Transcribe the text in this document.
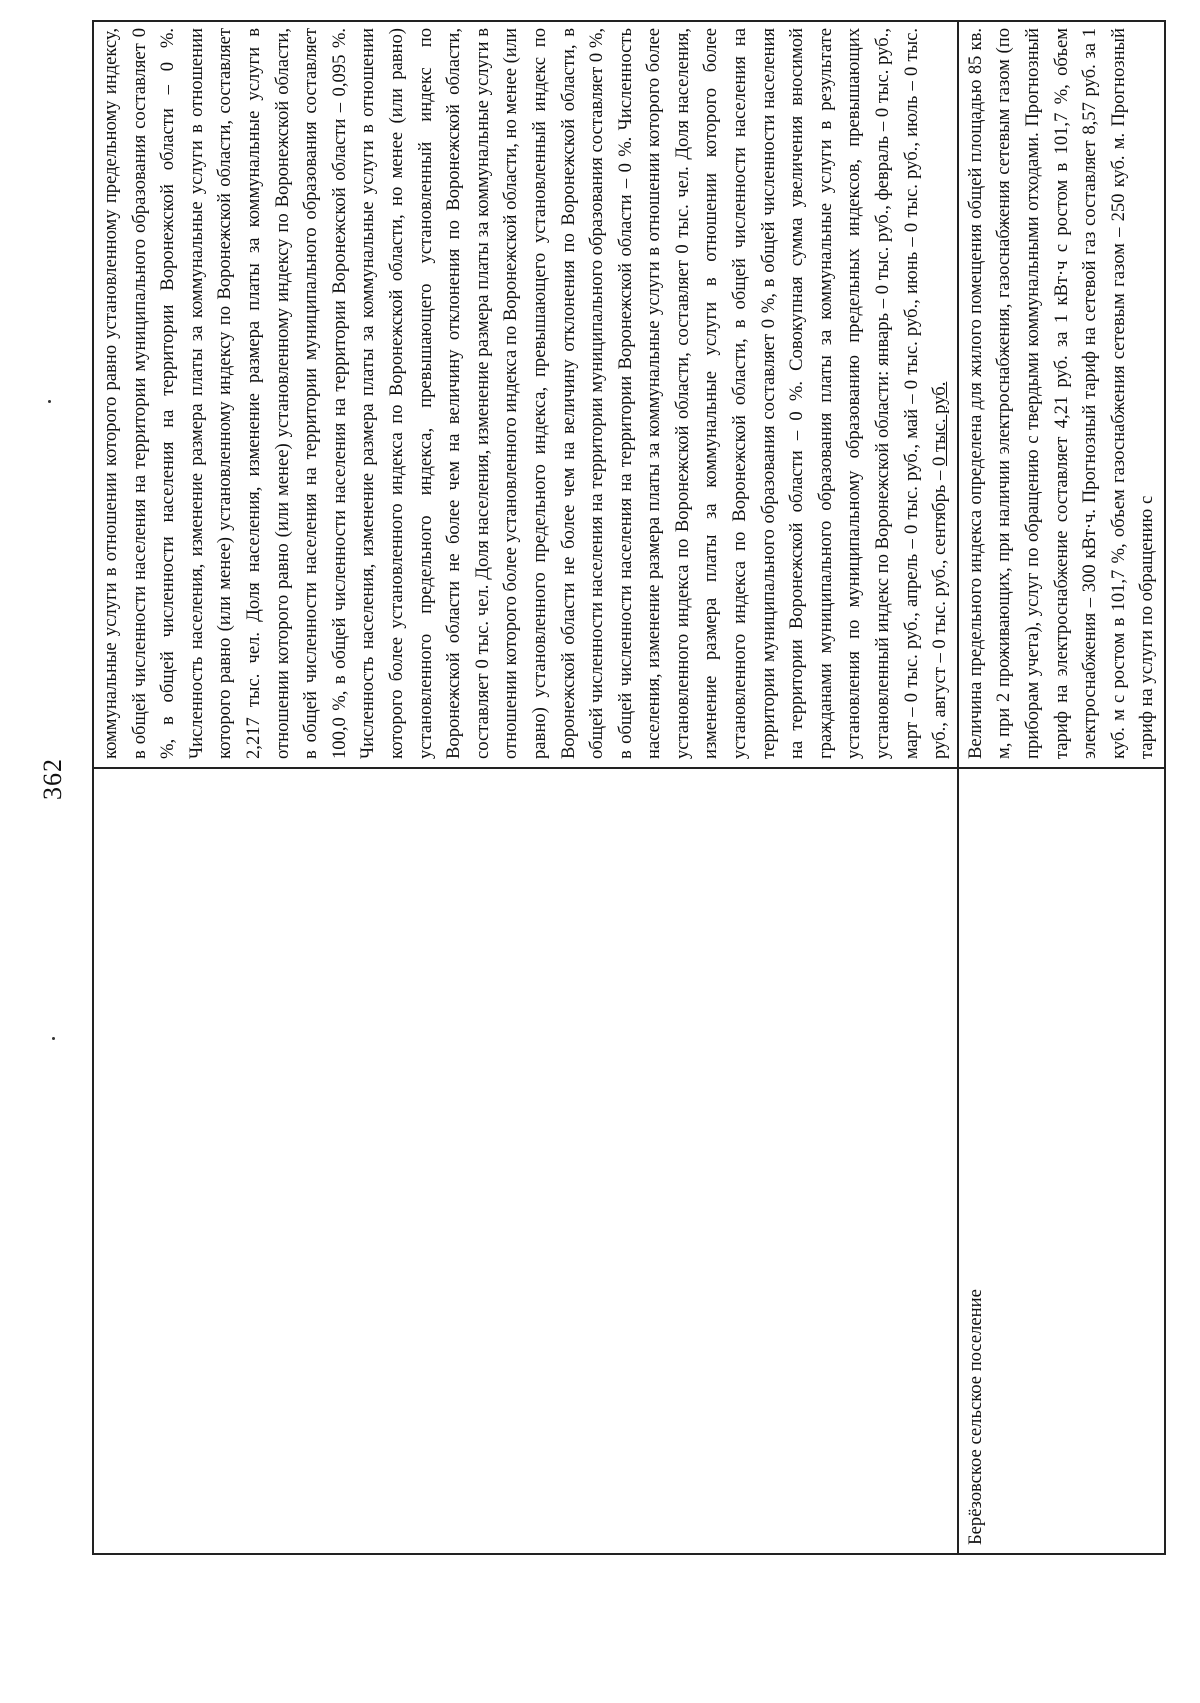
362
	коммунальные услуги в отношении которого равно установленному предельному индексу, в общей численности населения на территории муниципального образования составляет 0 %, в общей численности населения на территории Воронежской области – 0 %. Численность населения, изменение размера платы за коммунальные услуги в отношении которого равно (или менее) установленному индексу по Воронежской области, составляет 2,217 тыс. чел. Доля населения, изменение размера платы за коммунальные услуги в отношении которого равно (или менее) установленному индексу по Воронежской области, в общей численности населения на территории муниципального образования составляет 100,0 %, в общей численности населения на территории Воронежской области – 0,095 %. Численность населения, изменение размера платы за коммунальные услуги в отношении которого более установленного индекса по Воронежской области, но менее (или равно) установленного предельного индекса, превышающего установленный индекс по Воронежской области не более чем на величину отклонения по Воронежской области, составляет 0 тыс. чел. Доля населения, изменение размера платы за коммунальные услуги в отношении которого более установленного индекса по Воронежской области, но менее (или равно) установленного предельного индекса, превышающего установленный индекс по Воронежской области не более чем на величину отклонения по Воронежской области, в общей численности населения на территории муниципального образования составляет 0 %, в общей численности населения на территории Воронежской области – 0 %. Численность населения, изменение размера платы за коммунальные услуги в отношении которого более установленного индекса по Воронежской области, составляет 0 тыс. чел. Доля населения, изменение размера платы за коммунальные услуги в отношении которого более установленного индекса по Воронежской области, в общей численности населения на территории муниципального образования составляет 0 %, в общей численности населения на территории Воронежской области – 0 %. Совокупная сумма увеличения вносимой гражданами муниципального образования платы за коммунальные услуги в результате установления по муниципальному образованию предельных индексов, превышающих установленный индекс по Воронежской области: январь – 0 тыс. руб., февраль – 0 тыс. руб., март – 0 тыс. руб., апрель – 0 тыс. руб., май – 0 тыс. руб., июнь – 0 тыс. руб., июль – 0 тыс. руб., август – 0 тыс. руб., сентябрь – 0 тыс. руб.
Берёзовское сельское поселение	Величина предельного индекса определена для жилого помещения общей площадью 85 кв. м, при 2 проживающих, при наличии электроснабжения, газоснабжения сетевым газом (по приборам учета), услуг по обращению с твердыми коммунальными отходами. Прогнозный тариф на электроснабжение составляет 4,21 руб. за 1 кВт·ч с ростом в 101,7 %, объем электроснабжения – 300 кВт·ч. Прогнозный тариф на сетевой газ составляет 8,57 руб. за 1 куб. м с ростом в 101,7 %, объем газоснабжения сетевым газом – 250 куб. м. Прогнозный тариф на услуги по обращению с
